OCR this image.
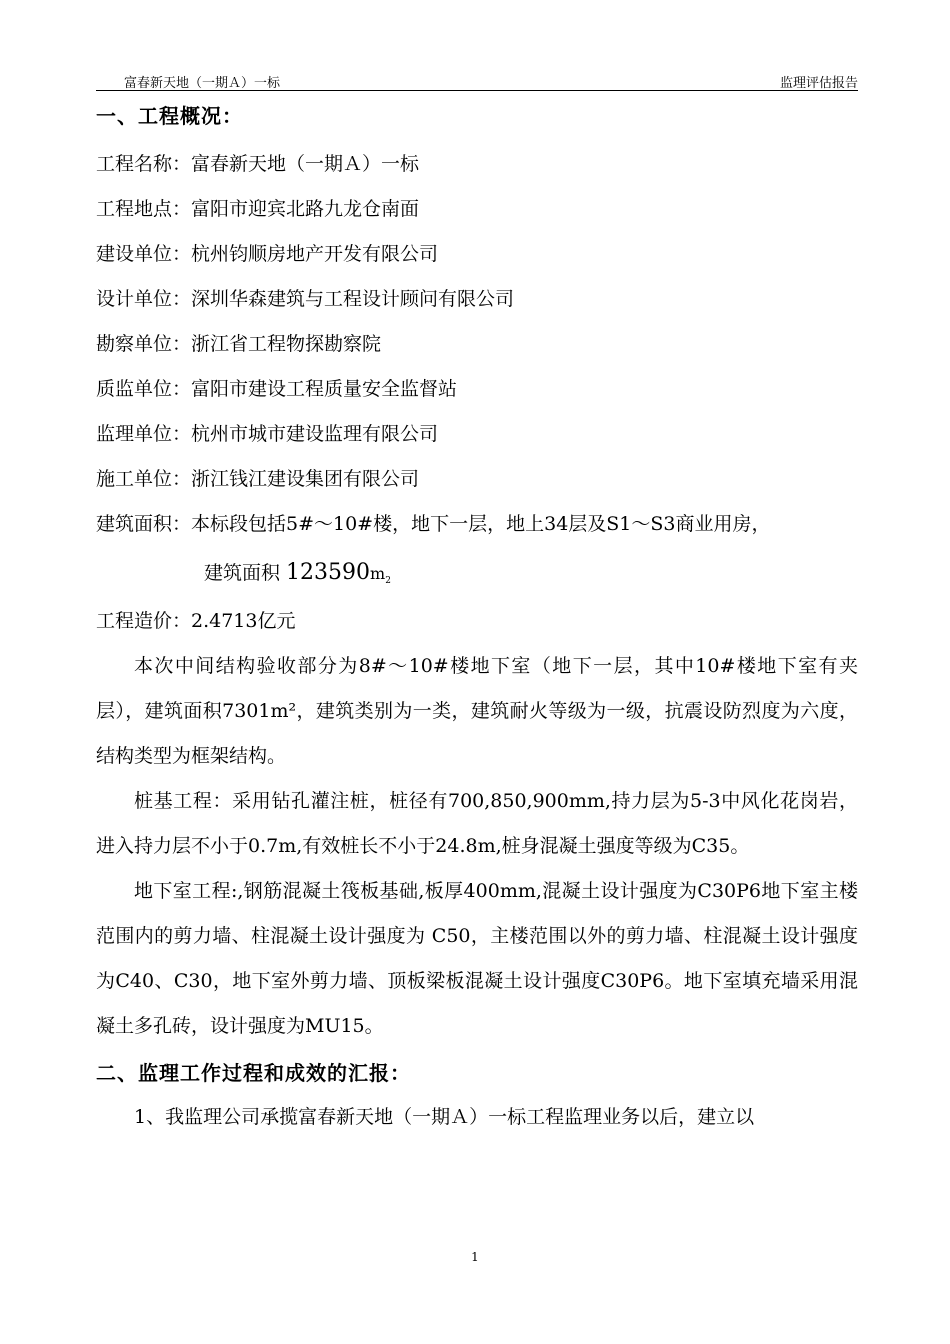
富春新天地（一期Ａ）一标	监理评估报告
一、工程概况：
工程名称：富春新天地（一期Ａ）一标
工程地点：富阳市迎宾北路九龙仓南面
建设单位：杭州钧顺房地产开发有限公司
设计单位：深圳华森建筑与工程设计顾问有限公司
勘察单位：浙江省工程物探勘察院
质监单位：富阳市建设工程质量安全监督站
监理单位：杭州市城市建设监理有限公司
施工单位：浙江钱江建设集团有限公司
建筑面积：本标段包括5#～10#楼，地下一层，地上34层及S1～S3商业用房，
建筑面积 $123590m_2$
工程造价：2.4713亿元

本次中间结构验收部分为8#～10#楼地下室（地下一层，其中10#楼地下室有夹层），建筑面积7301m²，建筑类别为一类，建筑耐火等级为一级，抗震设防烈度为六度，结构类型为框架结构。

桩基工程：采用钻孔灌注桩，桩径有700,850,900mm,持力层为5-3中风化花岗岩，进入持力层不小于0.7m,有效桩长不小于24.8m,桩身混凝土强度等级为C35。

地下室工程:,钢筋混凝土筏板基础,板厚400mm,混凝土设计强度为C30P6地下室主楼范围内的剪力墙、柱混凝土设计强度为 C50，主楼范围以外的剪力墙、柱混凝土设计强度为C40、C30，地下室外剪力墙、顶板梁板混凝土设计强度C30P6。地下室填充墙采用混凝土多孔砖，设计强度为MU15。

二、监理工作过程和成效的汇报：

1、我监理公司承揽富春新天地（一期Ａ）一标工程监理业务以后，建立以

1
